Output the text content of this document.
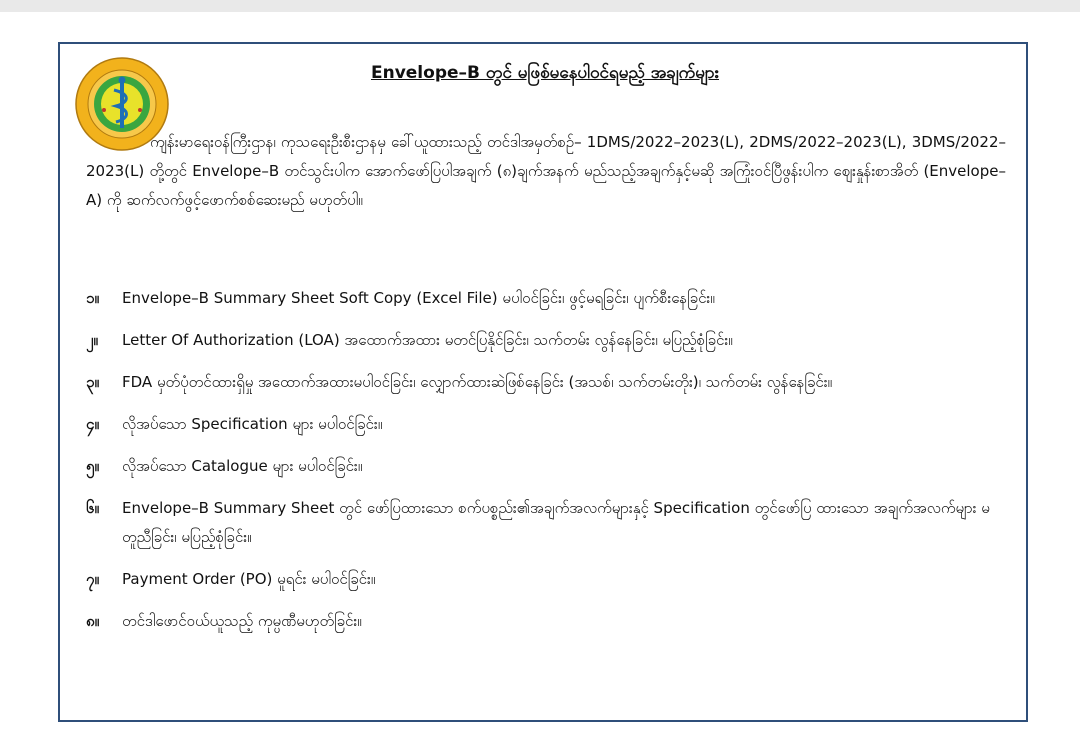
Envelope–B တွင် မဖြစ်မနေပါဝင်ရမည့် အချက်များ

ကျန်းမာရေးဝန်ကြီးဌာန၊ ကုသရေးဦးစီးဌာနမှ ခေါ်ယူထားသည့် တင်ဒါအမှတ်စဉ်– 1DMS/2022–2023(L), 2DMS/2022–2023(L), 3DMS/2022–2023(L) တို့တွင် Envelope–B တင်သွင်းပါက အောက်ဖော်ပြပါအချက် (၈)ချက်အနက် မည်သည့်အချက်နှင့်မဆို အကြုံးဝင်ပြီဖွန်းပါက ဈေးနှုန်းစာအိတ် (Envelope–A) ကို ဆက်လက်ဖွင့်ဖောက်စစ်ဆေးမည် မဟုတ်ပါ။

၁။	Envelope–B Summary Sheet Soft Copy (Excel File) မပါဝင်ခြင်း၊ ဖွင့်မရခြင်း၊ ပျက်စီးနေခြင်း။
၂။	Letter Of Authorization (LOA) အထောက်အထား မတင်ပြနိုင်ခြင်း၊ သက်တမ်း လွန်နေခြင်း၊ မပြည့်စုံခြင်း။
၃။	FDA မှတ်ပုံတင်ထားရှိမှု အထောက်အထားမပါဝင်ခြင်း၊ လျှောက်ထားဆဲဖြစ်နေခြင်း (အသစ်၊ သက်တမ်းတိုး)၊ သက်တမ်း လွန်နေခြင်း။
၄။	လိုအပ်သော Specification များ မပါဝင်ခြင်း။
၅။	လိုအပ်သော Catalogue များ မပါဝင်ခြင်း။
၆။	Envelope–B Summary Sheet တွင် ဖော်ပြထားသော စက်ပစ္စည်း၏အချက်အလက်များနှင့် Specification တွင်ဖော်ပြ ထားသော အချက်အလက်များ မတူညီခြင်း၊ မပြည့်စုံခြင်း။
၇။	Payment Order (PO) မူရင်း မပါဝင်ခြင်း။
၈။	တင်ဒါဖောင်ဝယ်ယူသည့် ကုမ္ပဏီမဟုတ်ခြင်း။
